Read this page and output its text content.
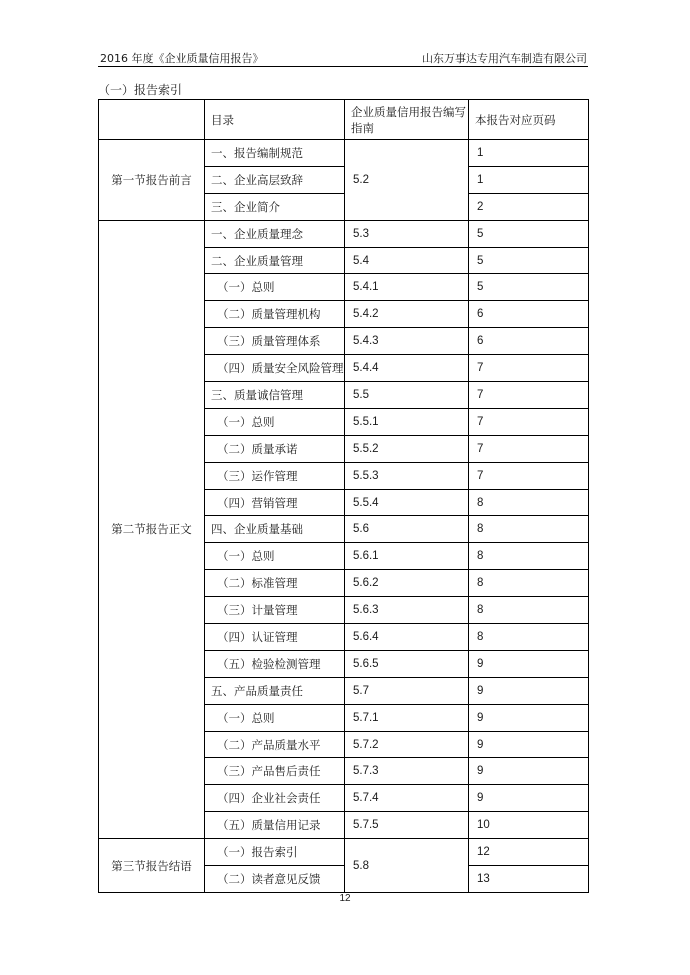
2016 年度《企业质量信用报告》	山东万事达专用汽车制造有限公司
（一）报告索引
	目录	企业质量信用报告编写指南	本报告对应页码
第一节报告前言	一、报告编制规范	5.2	1
	二、企业高层致辞		1
	三、企业简介		2
第二节报告正文	一、企业质量理念	5.3	5
	二、企业质量管理	5.4	5
	（一）总则	5.4.1	5
	（二）质量管理机构	5.4.2	6
	（三）质量管理体系	5.4.3	6
	（四）质量安全风险管理	5.4.4	7
	三、质量诚信管理	5.5	7
	（一）总则	5.5.1	7
	（二）质量承诺	5.5.2	7
	（三）运作管理	5.5.3	7
	（四）营销管理	5.5.4	8
	四、企业质量基础	5.6	8
	（一）总则	5.6.1	8
	（二）标准管理	5.6.2	8
	（三）计量管理	5.6.3	8
	（四）认证管理	5.6.4	8
	（五）检验检测管理	5.6.5	9
	五、产品质量责任	5.7	9
	（一）总则	5.7.1	9
	（二）产品质量水平	5.7.2	9
	（三）产品售后责任	5.7.3	9
	（四）企业社会责任	5.7.4	9
	（五）质量信用记录	5.7.5	10
第三节报告结语	（一）报告索引	5.8	12
	（二）读者意见反馈		13
12
